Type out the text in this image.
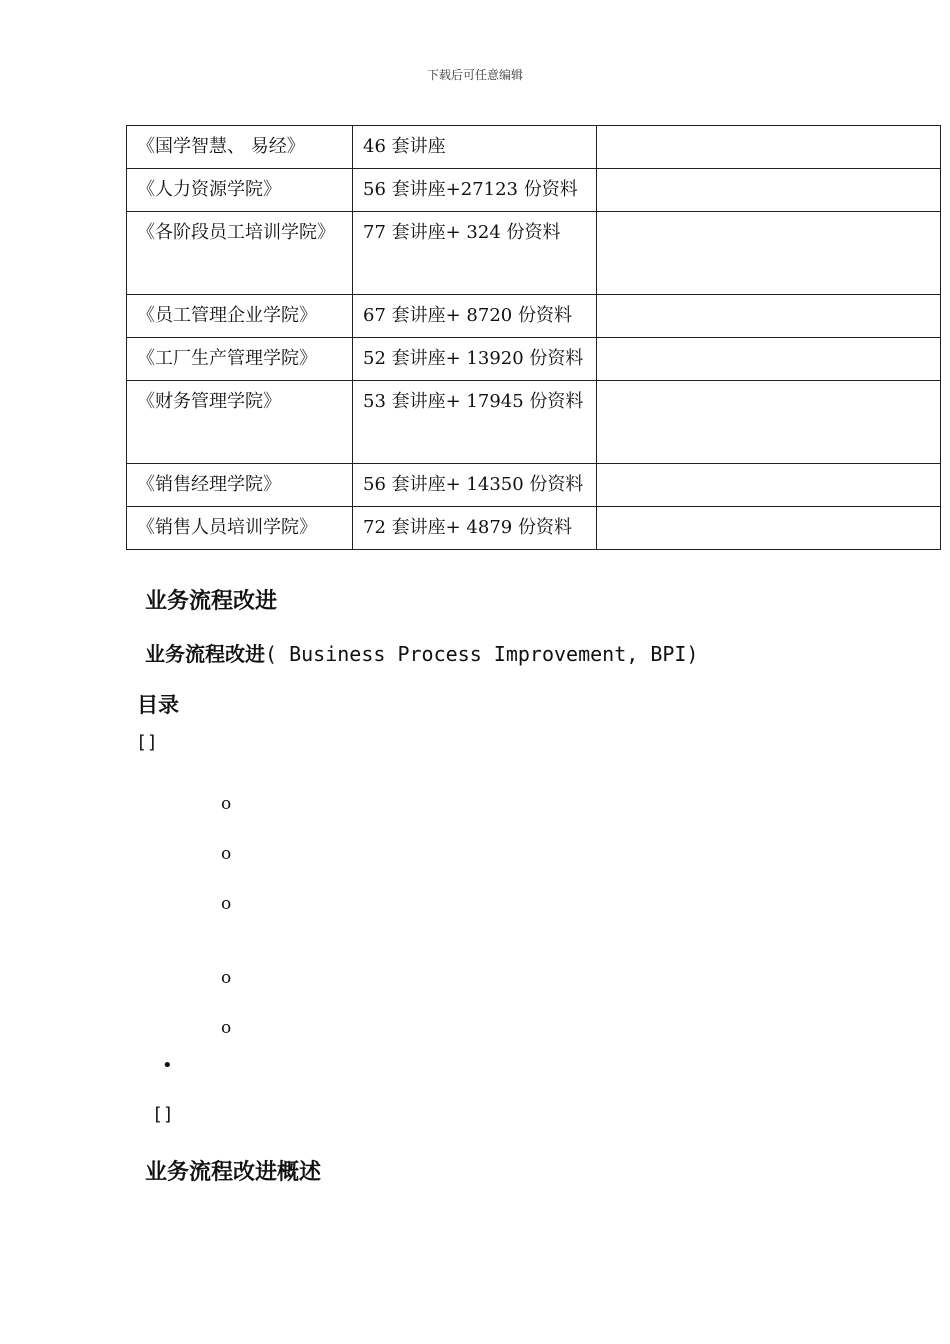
下载后可任意编辑
《国学智慧、 易经》	46 套讲座	
《人力资源学院》	56 套讲座+27123 份资料	
《各阶段员工培训学院》	77 套讲座+ 324 份资料	
《员工管理企业学院》	67 套讲座+ 8720 份资料	
《工厂生产管理学院》	52 套讲座+ 13920 份资料	
《财务管理学院》	53 套讲座+ 17945 份资料	
《销售经理学院》	56 套讲座+ 14350 份资料	
《销售人员培训学院》	72 套讲座+ 4879 份资料	
业务流程改进
业务流程改进( Business Process Improvement, BPI)
目录
[]
o
o
o
o
o
•
[]
业务流程改进概述
